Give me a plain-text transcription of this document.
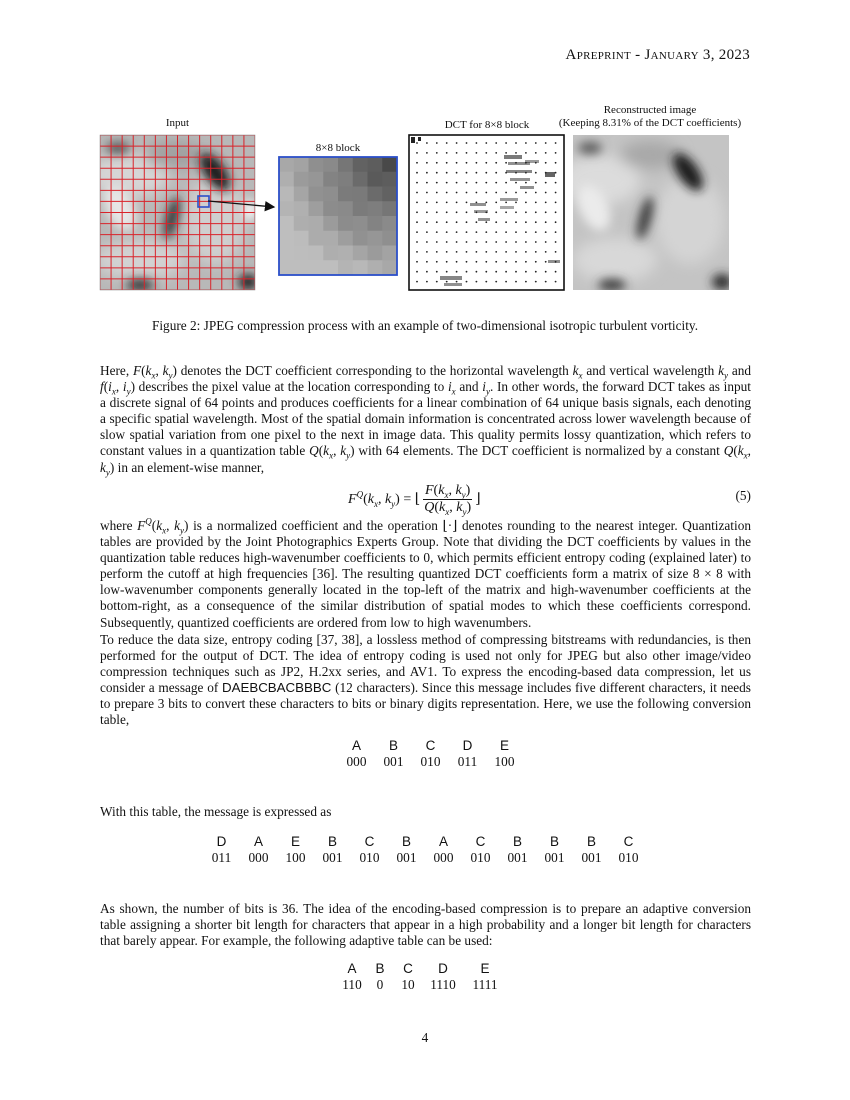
Apreprint - January 3, 2023
Input
8×8 block
DCT for 8×8 block
Reconstructed image
(Keeping 8.31% of the DCT coefficients)
Figure 2: JPEG compression process with an example of two-dimensional isotropic turbulent vorticity.

Here, $F(k_x$, $k_y$) denotes the DCT coefficient corresponding to the horizontal wavelength $k_x$ and vertical wavelength $k_y$ and $f(i_x$, $i_y$) describes the pixel value at the location corresponding to $i_x$ and $i_y$. In other words, the forward DCT takes as input a discrete signal of 64 points and produces coefficients for a linear combination of 64 unique basis signals, each denoting a specific spatial wavelength. Most of the spatial domain information is concentrated across lower wavelength because of slow spatial variation from one pixel to the next in image data. This quality permits lossy quantization, which refers to constant values in a quantization table $Q(k_x$, $k_y$) with 64 elements. The DCT coefficient is normalized by a constant $Q(k_x$, $k_y$) in an element-wise manner,

$F^Q(k_x$, $k_y$) = ⌊ $\frac{F(k_x, k_y)}{Q(k_x, k_y)}$ ⌋	(5)

where $F^Q(k_x$, $k_y$) is a normalized coefficient and the operation ⌊·⌋ denotes rounding to the nearest integer. Quantization tables are provided by the Joint Photographics Experts Group. Note that dividing the DCT coefficients by values in the quantization table reduces high-wavenumber coefficients to 0, which permits efficient entropy coding (explained later) to perform the cutoff at high frequencies [36]. The resulting quantized DCT coefficients form a matrix of size 8 × 8 with low-wavenumber components generally located in the top-left of the matrix and high-wavenumber coefficients at the bottom-right, as a consequence of the similar distribution of spatial modes to which these coefficients correspond. Subsequently, quantized coefficients are ordered from low to high wavenumbers.

To reduce the data size, entropy coding [37, 38], a lossless method of compressing bitstreams with redundancies, is then performed for the output of DCT. The idea of entropy coding is used not only for JPEG but also other image/video compression techniques such as JP2, H.2xx series, and AV1. To express the encoding-based data compression, let us consider a message of DAEBCBACBBBC (12 characters). Since this message includes five different characters, it needs to prepare 3 bits to convert these characters to bits or binary digits representation. Here, we use the following conversion table,

A	B	C	D	E
000	001	010	011	100

With this table, the message is expressed as

D	A	E	B	C	B	A	C	B	B	B	C
011	000	100	001	010	001	000	010	001	001	001	010

As shown, the number of bits is 36. The idea of the encoding-based compression is to prepare an adaptive conversion table assigning a shorter bit length for characters that appear in a high probability and a longer bit length for characters that barely appear. For example, the following adaptive table can be used:

A	B	C	D	E
110	0	10	1110	1111
4
